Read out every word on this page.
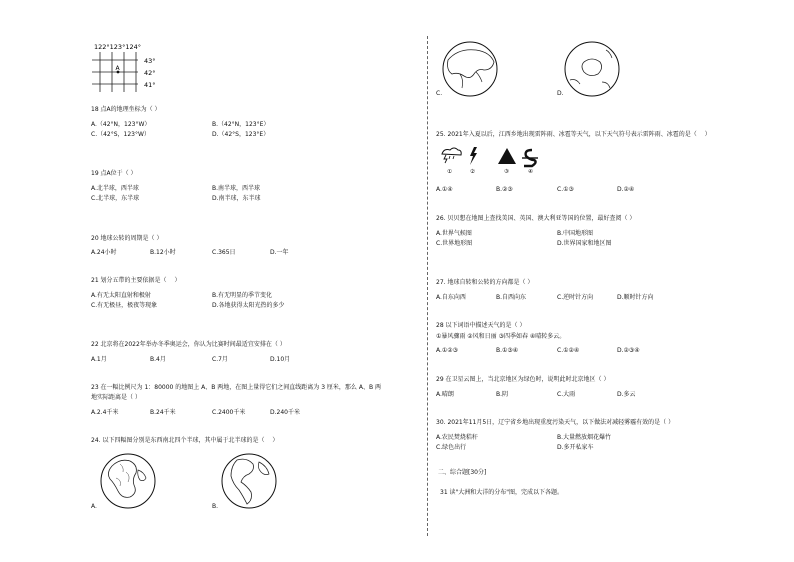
122°123°124°
A
43°
42°
41°
18 点A的地理坐标为（ ）
A.（42°N，123°W）	B.（42°N，123°E）
C.（42°S，123°W）	D.（42°S，123°E）
19 点A位于（ ）
A.北半球，西半球	B.南半球，西半球
C.北半球，东半球	D.南半球，东半球
20 地球公转的周期是（ ）
A.24小时	B.12小时	C.365日	D.一年
21 划分五带的主要依据是（　 ）
A.有无太阳直射和极射	B.有无明显的季节变化
C.有无极昼，极夜等现象	D.各地获得太阳光热的多少
22 北京将在2022年举办冬季奥运会，你认为比赛时间最适宜安排在（ ）
A.1月	B.4月	C.7月	D.10月
23 在一幅比例尺为 1：80000 的地图上 A、B 两地，在图上量得它们之间直线距离为 3 厘米，那么 A、B 两
地实际距离是（ ）
A.2.4千米	B.24千米	C.2400千米	D.240千米
24. 以下四幅图分别是东西南北四个半球，其中属于北半球的是（　 ）
A.	B.
C.	D.
25. 2021年入夏以后，江西乡地出现雷阵雨、冰雹等天气，以下天气符号表示雷阵雨、冰雹的是（　 ）
①	②	③	④
A.①④	B.②③	C.①③	D.②④
26. 贝贝想在地图上查找美国、英国、澳大利亚等国的位置，最好查阅（ ）
A.世界气候图	B.中国地形图
C.世界地形图	D.世界国家和地区图
27. 地球自转和公转的方向都是（ ）
A.自东向西	B.自西向东	C.逆时针方向	D.顺时针方向
28 以下词语中描述天气的是（ ）
①暴风骤雨 ②风和日丽 ③四季如春 ④晴转多云。
A.①②③	B.①③④	C.①②④	D.②③④
29 在卫星云图上，当北京地区为绿色时，说明此时北京地区（ ）
A.晴朗	B.阴	C.大雨	D.多云
30. 2021年11月5日，辽宁省乡地出现重度污染天气，以下做法对减轻雾霾有效的是（ ）
A.农民焚烧秸秆	B.大量燃放烟花爆竹
C.绿色出行	D.多开私家车
二、综合题[30分]
31 读"大洲和大洋的分布"图，完成以下各题。
